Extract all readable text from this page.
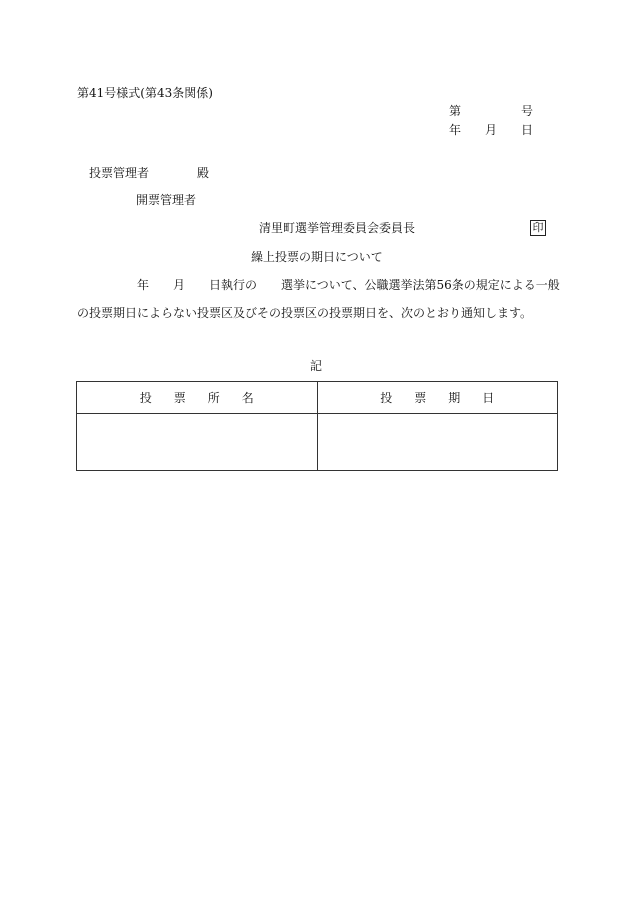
第41号様式(第43条関係)
第　　　　　号
年　　月　　日
投票管理者　　　　殿
開票管理者
清里町選挙管理委員会委員長	印
繰上投票の期日について
年　　月　　日執行の　　選挙について、公職選挙法第56条の規定による一般
の投票期日によらない投票区及びその投票区の投票期日を、次のとおり通知します。
記
投票所名	投票期日
